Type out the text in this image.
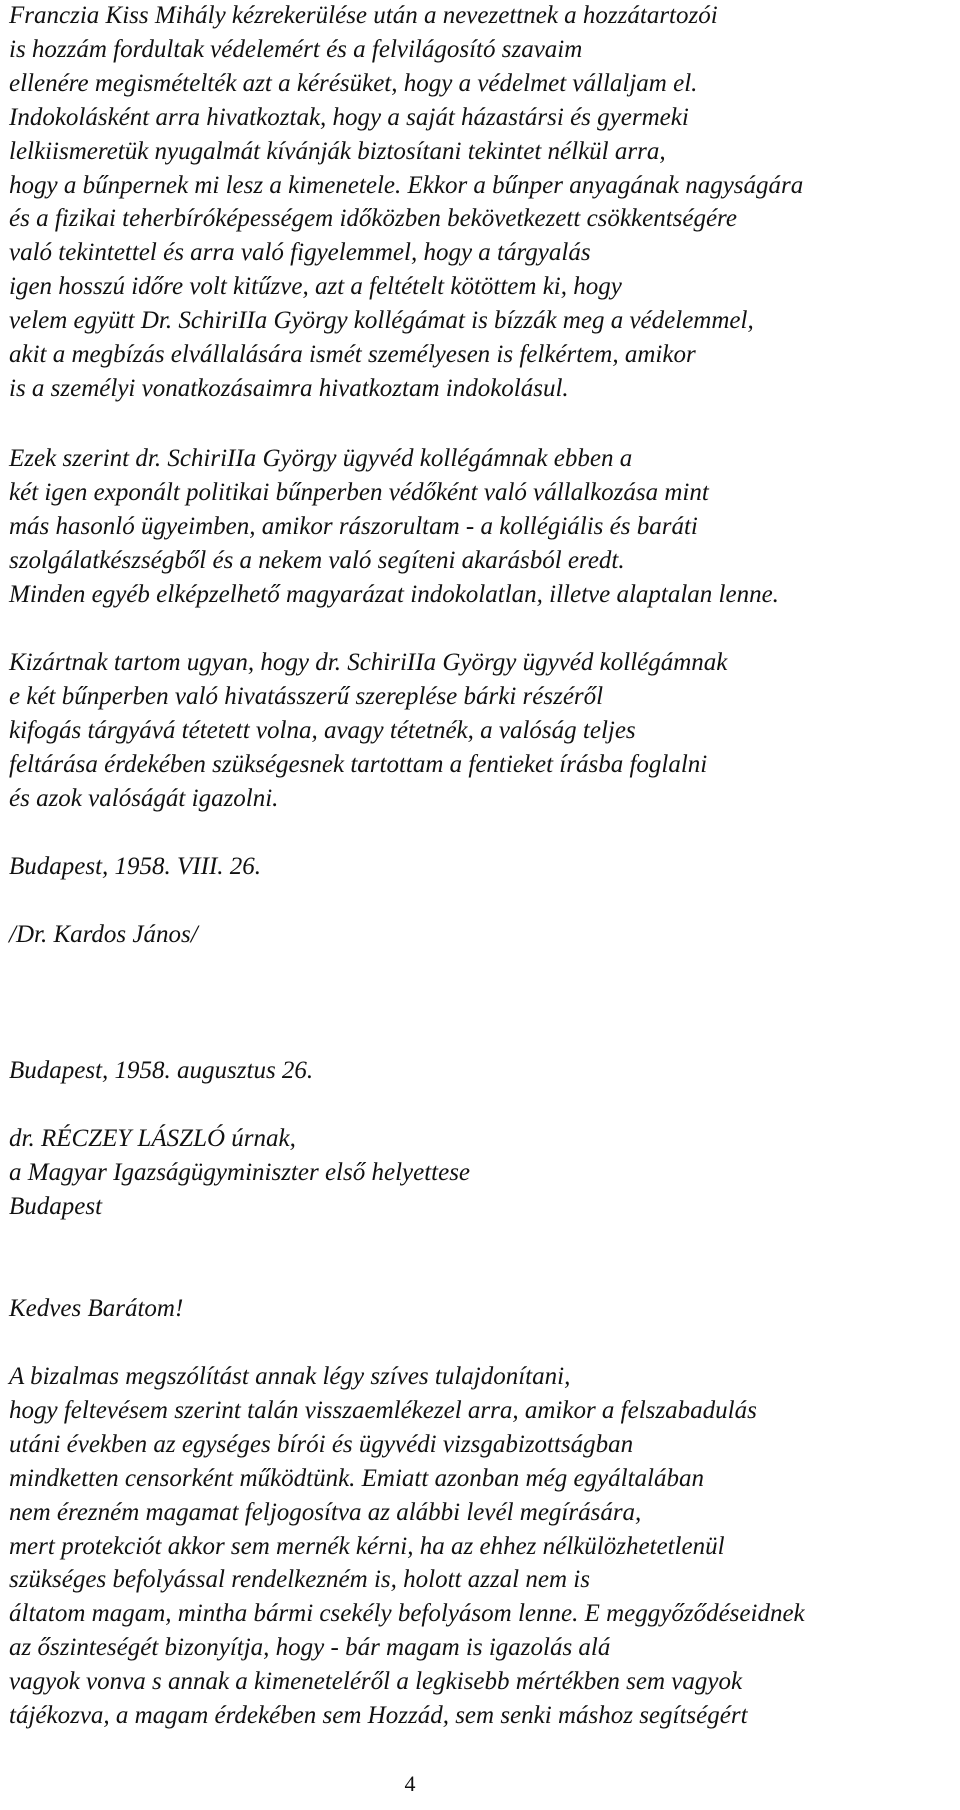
Franczia Kiss Mihály kézrekerülése után a nevezettnek a hozzátartozói
is hozzám fordultak védelemért és a felvilágosító szavaim
ellenére megismételték azt a kérésüket, hogy a védelmet vállaljam el.
Indokolásként arra hivatkoztak, hogy a saját házastársi és gyermeki
lelkiismeretük nyugalmát kívánják biztosítani tekintet nélkül arra,
hogy a bűnpernek mi lesz a kimenetele. Ekkor a bűnper anyagának nagyságára
és a fizikai teherbíróképességem időközben bekövetkezett csökkentségére
való tekintettel és arra való figyelemmel, hogy a tárgyalás
igen hosszú időre volt kitűzve, azt a feltételt kötöttem ki, hogy
velem együtt Dr. SchiriIIa György kollégámat is bízzák meg a védelemmel,
akit a megbízás elvállalására ismét személyesen is felkértem, amikor
is a személyi vonatkozásaimra hivatkoztam indokolásul.
Ezek szerint dr. SchiriIIa György ügyvéd kollégámnak ebben a
két igen exponált politikai bűnperben védőként való vállalkozása mint
más hasonló ügyeimben, amikor rászorultam - a kollégiális és baráti
szolgálatkészségből és a nekem való segíteni akarásból eredt.
Minden egyéb elképzelhető magyarázat indokolatlan, illetve alaptalan lenne.
Kizártnak tartom ugyan, hogy dr. SchiriIIa György ügyvéd kollégámnak
e két bűnperben való hivatásszerű szereplése bárki részéről
kifogás tárgyává tétetett volna, avagy tétetnék, a valóság teljes
feltárása érdekében szükségesnek tartottam a fentieket írásba foglalni
és azok valóságát igazolni.
Budapest, 1958. VIII. 26.
/Dr. Kardos János/
Budapest, 1958. augusztus 26.
dr. RÉCZEY LÁSZLÓ úrnak,
a Magyar Igazságügyminiszter első helyettese
Budapest
Kedves Barátom!
A bizalmas megszólítást annak légy szíves tulajdonítani,
hogy feltevésem szerint talán visszaemlékezel arra, amikor a felszabadulás
utáni években az egységes bírói és ügyvédi vizsgabizottságban
mindketten censorként működtünk. Emiatt azonban még egyáltalában
nem érezném magamat feljogosítva az alábbi levél megírására,
mert protekciót akkor sem mernék kérni, ha az ehhez nélkülözhetetlenül
szükséges befolyással rendelkezném is, holott azzal nem is
áltatom magam, mintha bármi csekély befolyásom lenne. E meggyőződéseidnek
az őszinteségét bizonyítja, hogy - bár magam is igazolás alá
vagyok vonva s annak a kimeneteléről a legkisebb mértékben sem vagyok
tájékozva, a magam érdekében sem Hozzád, sem senki máshoz segítségért
4
